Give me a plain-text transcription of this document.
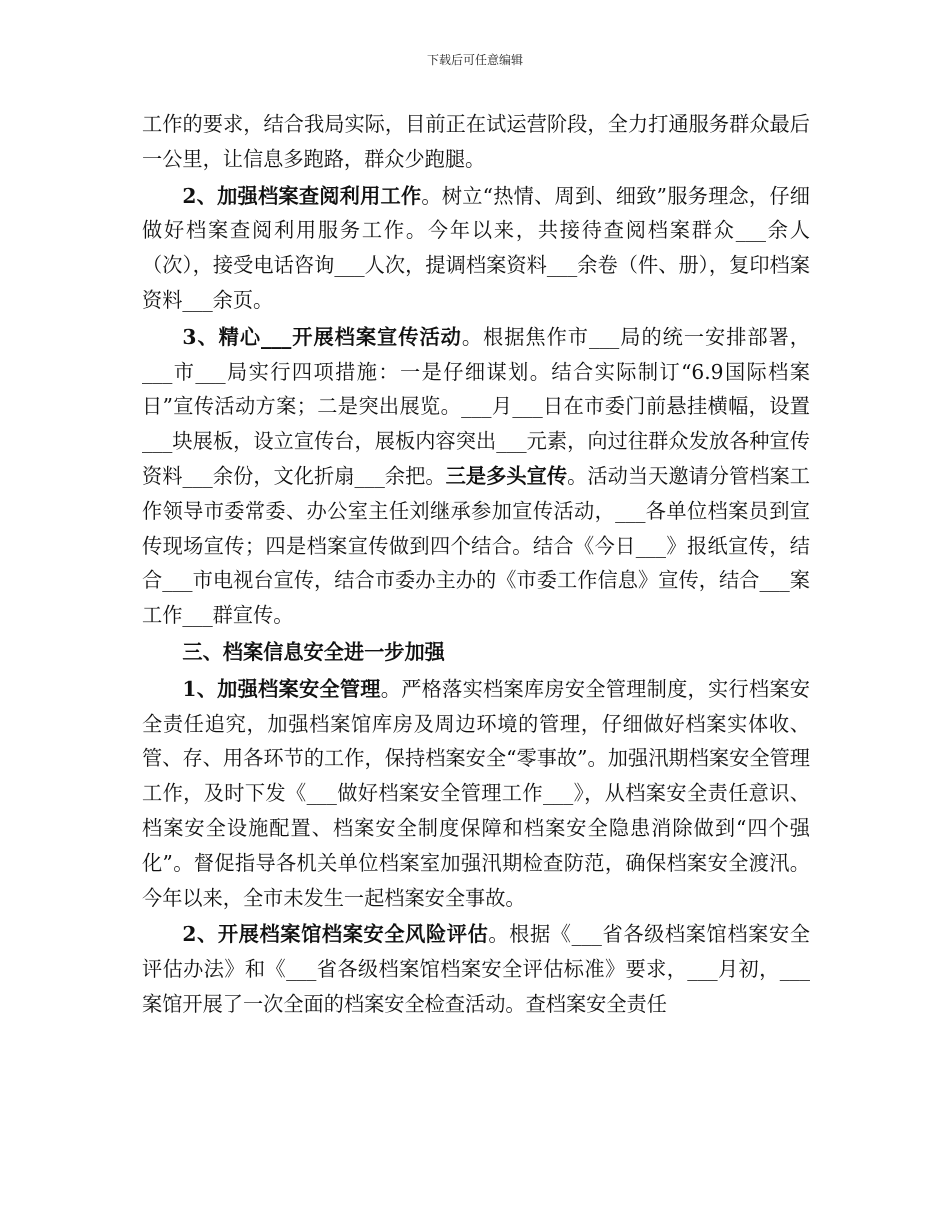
下载后可任意编辑

工作的要求，结合我局实际，目前正在试运营阶段，全力打通服务群众最后一公里，让信息多跑路，群众少跑腿。

2、加强档案查阅利用工作。树立“热情、周到、细致”服务理念，仔细做好档案查阅利用服务工作。今年以来，共接待查阅档案群众___余人（次），接受电话咨询___人次，提调档案资料___余卷（件、册），复印档案资料___余页。

3、精心___开展档案宣传活动。根据焦作市___局的统一安排部署，___市___局实行四项措施：一是仔细谋划。结合实际制订“6.9国际档案日”宣传活动方案；二是突出展览。___月___日在市委门前悬挂横幅，设置___块展板，设立宣传台，展板内容突出___元素，向过往群众发放各种宣传资料___余份，文化折扇___余把。三是多头宣传。活动当天邀请分管档案工作领导市委常委、办公室主任刘继承参加宣传活动，___各单位档案员到宣传现场宣传；四是档案宣传做到四个结合。结合《今日___》报纸宣传，结合___市电视台宣传，结合市委办主办的《市委工作信息》宣传，结合___案工作___群宣传。

三、档案信息安全进一步加强

1、加强档案安全管理。严格落实档案库房安全管理制度，实行档案安全责任追究，加强档案馆库房及周边环境的管理，仔细做好档案实体收、管、存、用各环节的工作，保持档案安全“零事故”。加强汛期档案安全管理工作，及时下发《___做好档案安全管理工作___》，从档案安全责任意识、档案安全设施配置、档案安全制度保障和档案安全隐患消除做到“四个强化”。督促指导各机关单位档案室加强汛期检查防范，确保档案安全渡汛。今年以来，全市未发生一起档案安全事故。

2、开展档案馆档案安全风险评估。根据《___省各级档案馆档案安全评估办法》和《___省各级档案馆档案安全评估标准》要求，___月初，___案馆开展了一次全面的档案安全检查活动。查档案安全责任
